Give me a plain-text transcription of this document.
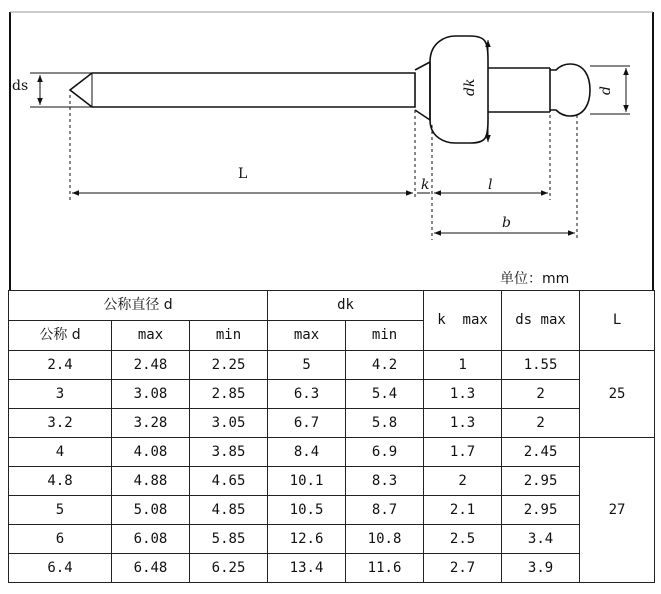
ds
L
k	l
b
dk	d
单位：mm
公称直径 d			dk		k  max	ds max	L
公称 d	max	min	max	min			
2.4	2.48	2.25	5	4.2	1	1.55	25
3	3.08	2.85	6.3	5.4	1.3	2	
3.2	3.28	3.05	6.7	5.8	1.3	2	
4	4.08	3.85	8.4	6.9	1.7	2.45	27
4.8	4.88	4.65	10.1	8.3	2	2.95	
5	5.08	4.85	10.5	8.7	2.1	2.95	
6	6.08	5.85	12.6	10.8	2.5	3.4	
6.4	6.48	6.25	13.4	11.6	2.7	3.9	
